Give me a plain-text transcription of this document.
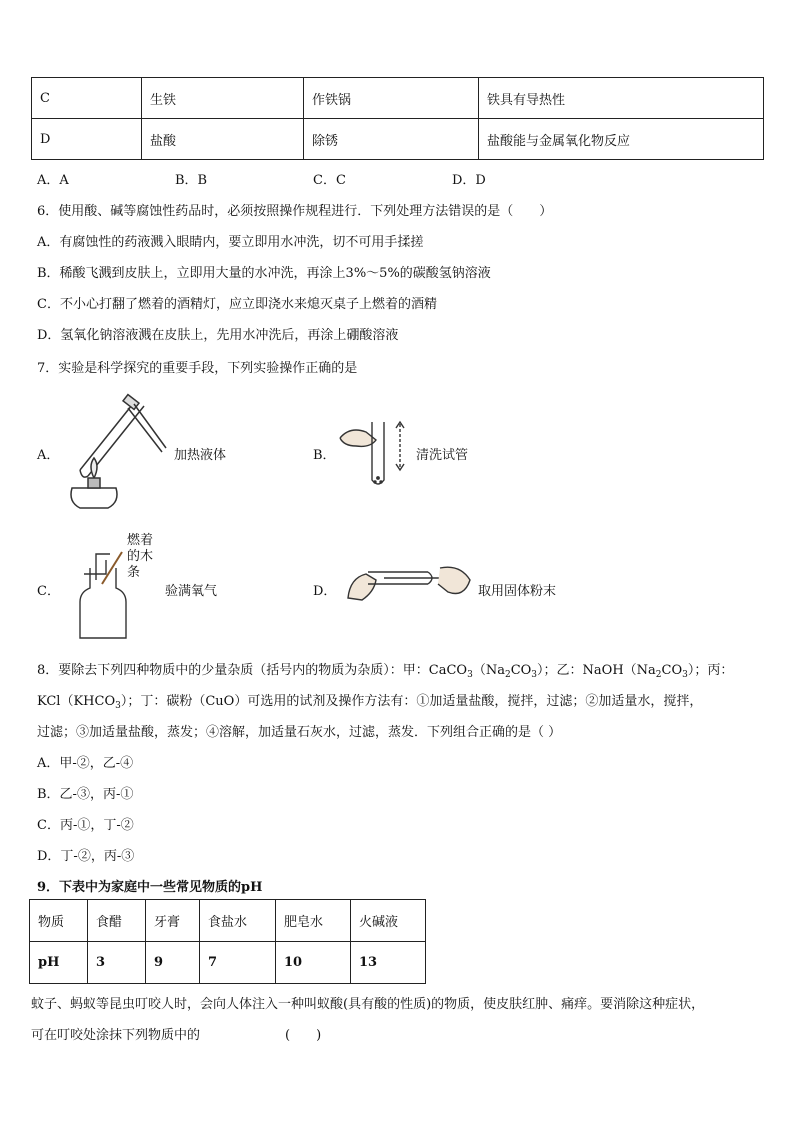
C	生铁	作铁锅	铁具有导热性
D	盐酸	除锈	盐酸能与金属氧化物反应
A．A	B．B	C．C	D．D
6．使用酸、碱等腐蚀性药品时，必须按照操作规程进行．下列处理方法错误的是（　　）
A．有腐蚀性的药液溅入眼睛内，要立即用水冲洗，切不可用手揉搓
B．稀酸飞溅到皮肤上，立即用大量的水冲洗，再涂上3%～5%的碳酸氢钠溶液
C．不小心打翻了燃着的酒精灯，应立即浇水来熄灭桌子上燃着的酒精
D．氢氧化钠溶液溅在皮肤上，先用水冲洗后，再涂上硼酸溶液
7．实验是科学探究的重要手段，下列实验操作正确的是
A．	加热液体	B．	清洗试管
C．
燃着
的木
条
验满氧气	D．	取用固体粉末
8．要除去下列四种物质中的少量杂质（括号内的物质为杂质）：甲：$CaCO_3(Na_2CO_3)$；乙：$NaOH(Na_2CO_3)$；丙：
$KCl(KHCO_3)$；丁：碳粉（CuO）可选用的试剂及操作方法有：①加适量盐酸，搅拌，过滤；②加适量水，搅拌，
过滤；③加适量盐酸，蒸发；④溶解，加适量石灰水，过滤，蒸发．下列组合正确的是（ ）
A．甲-②，乙-④
B．乙-③，丙-①
C．丙-①，丁-②
D．丁-②，丙-③
9．下表中为家庭中一些常见物质的pH
物质	食醋	牙膏	食盐水	肥皂水	火碱液
pH	3	9	7	10	13
蚊子、蚂蚁等昆虫叮咬人时，会向人体注入一种叫蚁酸(具有酸的性质)的物质，使皮肤红肿、痛痒。要消除这种症状，
可在叮咬处涂抹下列物质中的	(　　)
